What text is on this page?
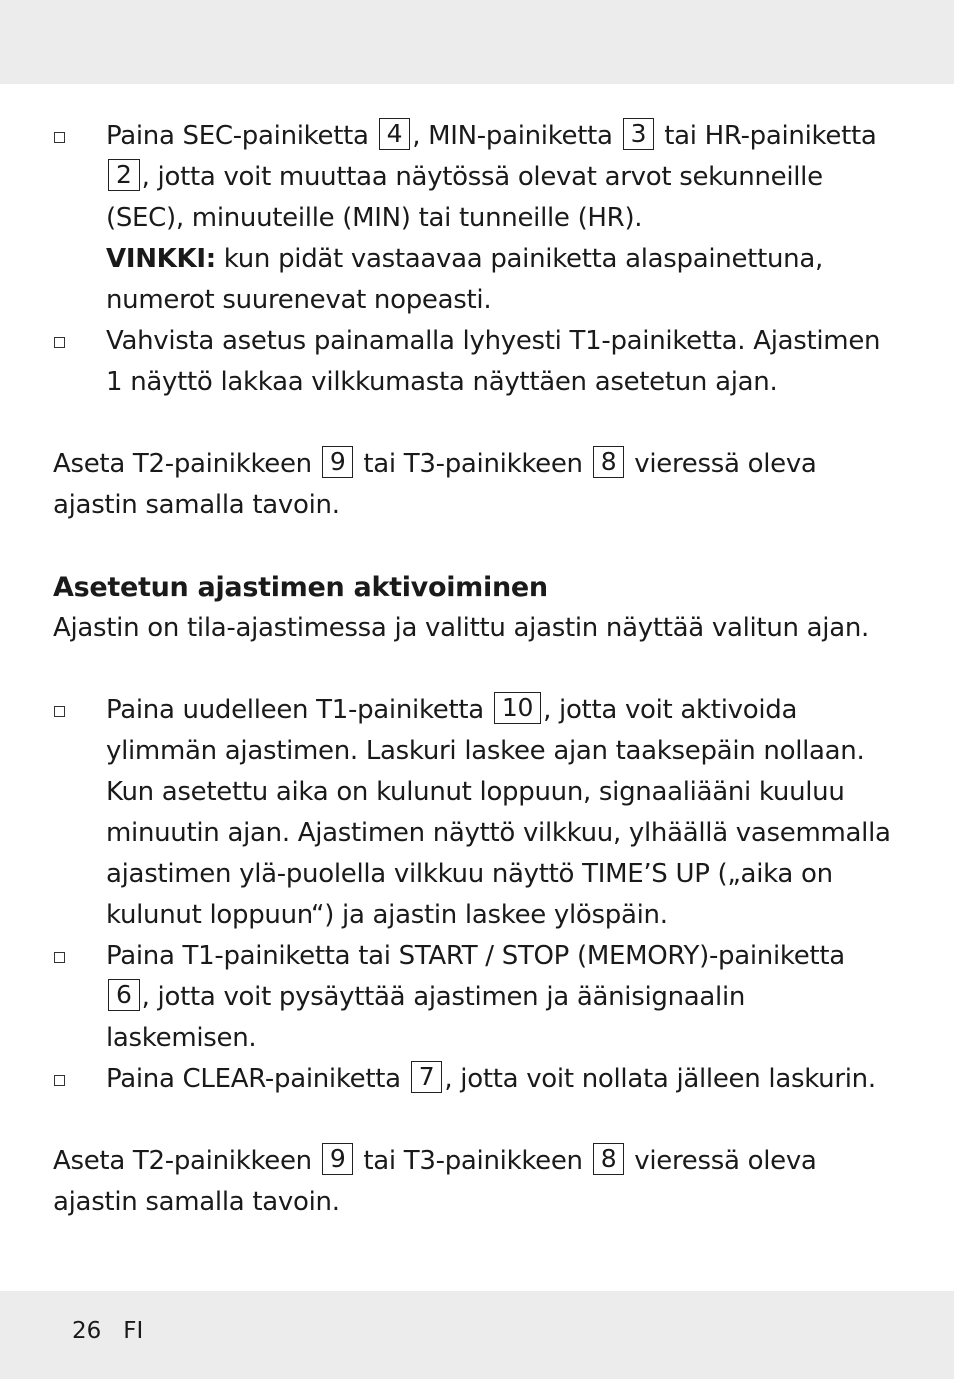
Paina SEC-painiketta 4 , MIN-painiketta 3 tai HR-painiketta
2 , jotta voit muuttaa näytössä olevat arvot sekunneille (SEC), minuuteille (MIN) tai tunneille (HR).
VINKKI: kun pidät vastaavaa painiketta alaspainettuna, numerot suurenevat nopeasti.
Vahvista asetus painamalla lyhyesti T1-painiketta. Ajastimen 1 näyttö lakkaa vilkkumasta näyttäen asetetun ajan.

Aseta T2-painikkeen 9 tai T3-painikkeen 8 vieressä oleva ajastin samalla tavoin.

Asetetun ajastimen aktivoiminen

Ajastin on tila-ajastimessa ja valittu ajastin näyttää valitun ajan.

Paina uudelleen T1-painiketta 10 , jotta voit aktivoida ylimmän ajastimen. Laskuri laskee ajan taaksepäin nollaan. Kun asetettu aika on kulunut loppuun, signaaliääni kuuluu minuutin ajan. Ajastimen näyttö vilkkuu, ylhäällä vasemmalla ajastimen ylä-puolella vilkkuu näyttö TIME’S UP („aika on kulunut loppuun“) ja ajastin laskee ylöspäin.
Paina T1-painiketta tai START / STOP (MEMORY)-painiketta
6 , jotta voit pysäyttää ajastimen ja äänisignaalin laskemisen.
Paina CLEAR-painiketta 7 , jotta voit nollata jälleen laskurin.

Aseta T2-painikkeen 9 tai T3-painikkeen 8 vieressä oleva ajastin samalla tavoin.

26 FI
